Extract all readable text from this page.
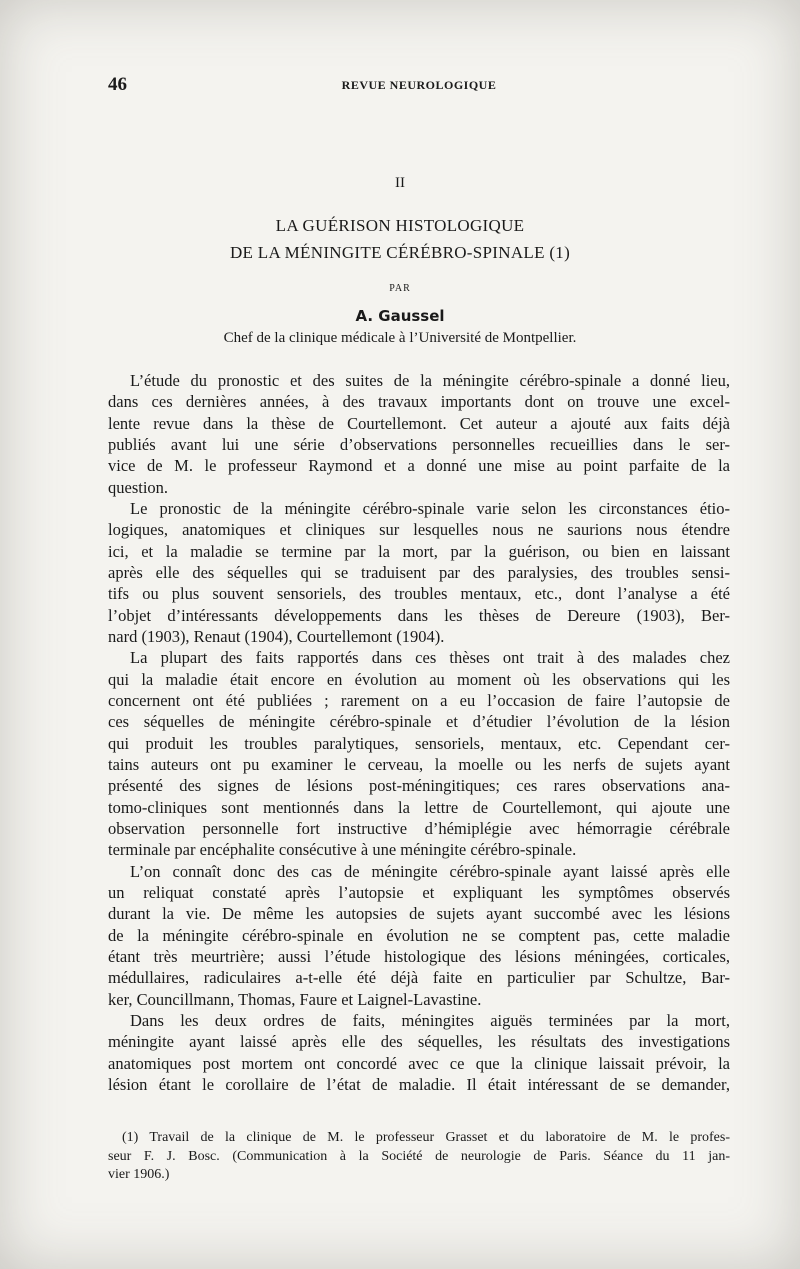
46	REVUE NEUROLOGIQUE
II
LA GUÉRISON HISTOLOGIQUE
DE LA MÉNINGITE CÉRÉBRO-SPINALE (1)
PAR
A. Gaussel
Chef de la clinique médicale à l’Université de Montpellier.
L’étude du pronostic et des suites de la méningite cérébro-spinale a donné lieu,
dans ces dernières années, à des travaux importants dont on trouve une excel-
lente revue dans la thèse de Courtellemont. Cet auteur a ajouté aux faits déjà
publiés avant lui une série d’observations personnelles recueillies dans le ser-
vice de M. le professeur Raymond et a donné une mise au point parfaite de la
question.
Le pronostic de la méningite cérébro-spinale varie selon les circonstances étio-
logiques, anatomiques et cliniques sur lesquelles nous ne saurions nous étendre
ici, et la maladie se termine par la mort, par la guérison, ou bien en laissant
après elle des séquelles qui se traduisent par des paralysies, des troubles sensi-
tifs ou plus souvent sensoriels, des troubles mentaux, etc., dont l’analyse a été
l’objet d’intéressants développements dans les thèses de Dereure (1903), Ber-
nard (1903), Renaut (1904), Courtellemont (1904).
La plupart des faits rapportés dans ces thèses ont trait à des malades chez
qui la maladie était encore en évolution au moment où les observations qui les
concernent ont été publiées ; rarement on a eu l’occasion de faire l’autopsie de
ces séquelles de méningite cérébro-spinale et d’étudier l’évolution de la lésion
qui produit les troubles paralytiques, sensoriels, mentaux, etc. Cependant cer-
tains auteurs ont pu examiner le cerveau, la moelle ou les nerfs de sujets ayant
présenté des signes de lésions post-méningitiques; ces rares observations ana-
tomo-cliniques sont mentionnés dans la lettre de Courtellemont, qui ajoute une
observation personnelle fort instructive d’hémiplégie avec hémorragie cérébrale
terminale par encéphalite consécutive à une méningite cérébro-spinale.
L’on connaît donc des cas de méningite cérébro-spinale ayant laissé après elle
un reliquat constaté après l’autopsie et expliquant les symptômes observés
durant la vie. De même les autopsies de sujets ayant succombé avec les lésions
de la méningite cérébro-spinale en évolution ne se comptent pas, cette maladie
étant très meurtrière; aussi l’étude histologique des lésions méningées, corticales,
médullaires, radiculaires a-t-elle été déjà faite en particulier par Schultze, Bar-
ker, Councillmann, Thomas, Faure et Laignel-Lavastine.
Dans les deux ordres de faits, méningites aiguës terminées par la mort,
méningite ayant laissé après elle des séquelles, les résultats des investigations
anatomiques post mortem ont concordé avec ce que la clinique laissait prévoir, la
lésion étant le corollaire de l’état de maladie. Il était intéressant de se demander,
(1) Travail de la clinique de M. le professeur Grasset et du laboratoire de M. le profes-
seur F. J. Bosc. (Communication à la Société de neurologie de Paris. Séance du 11 jan-
vier 1906.)
